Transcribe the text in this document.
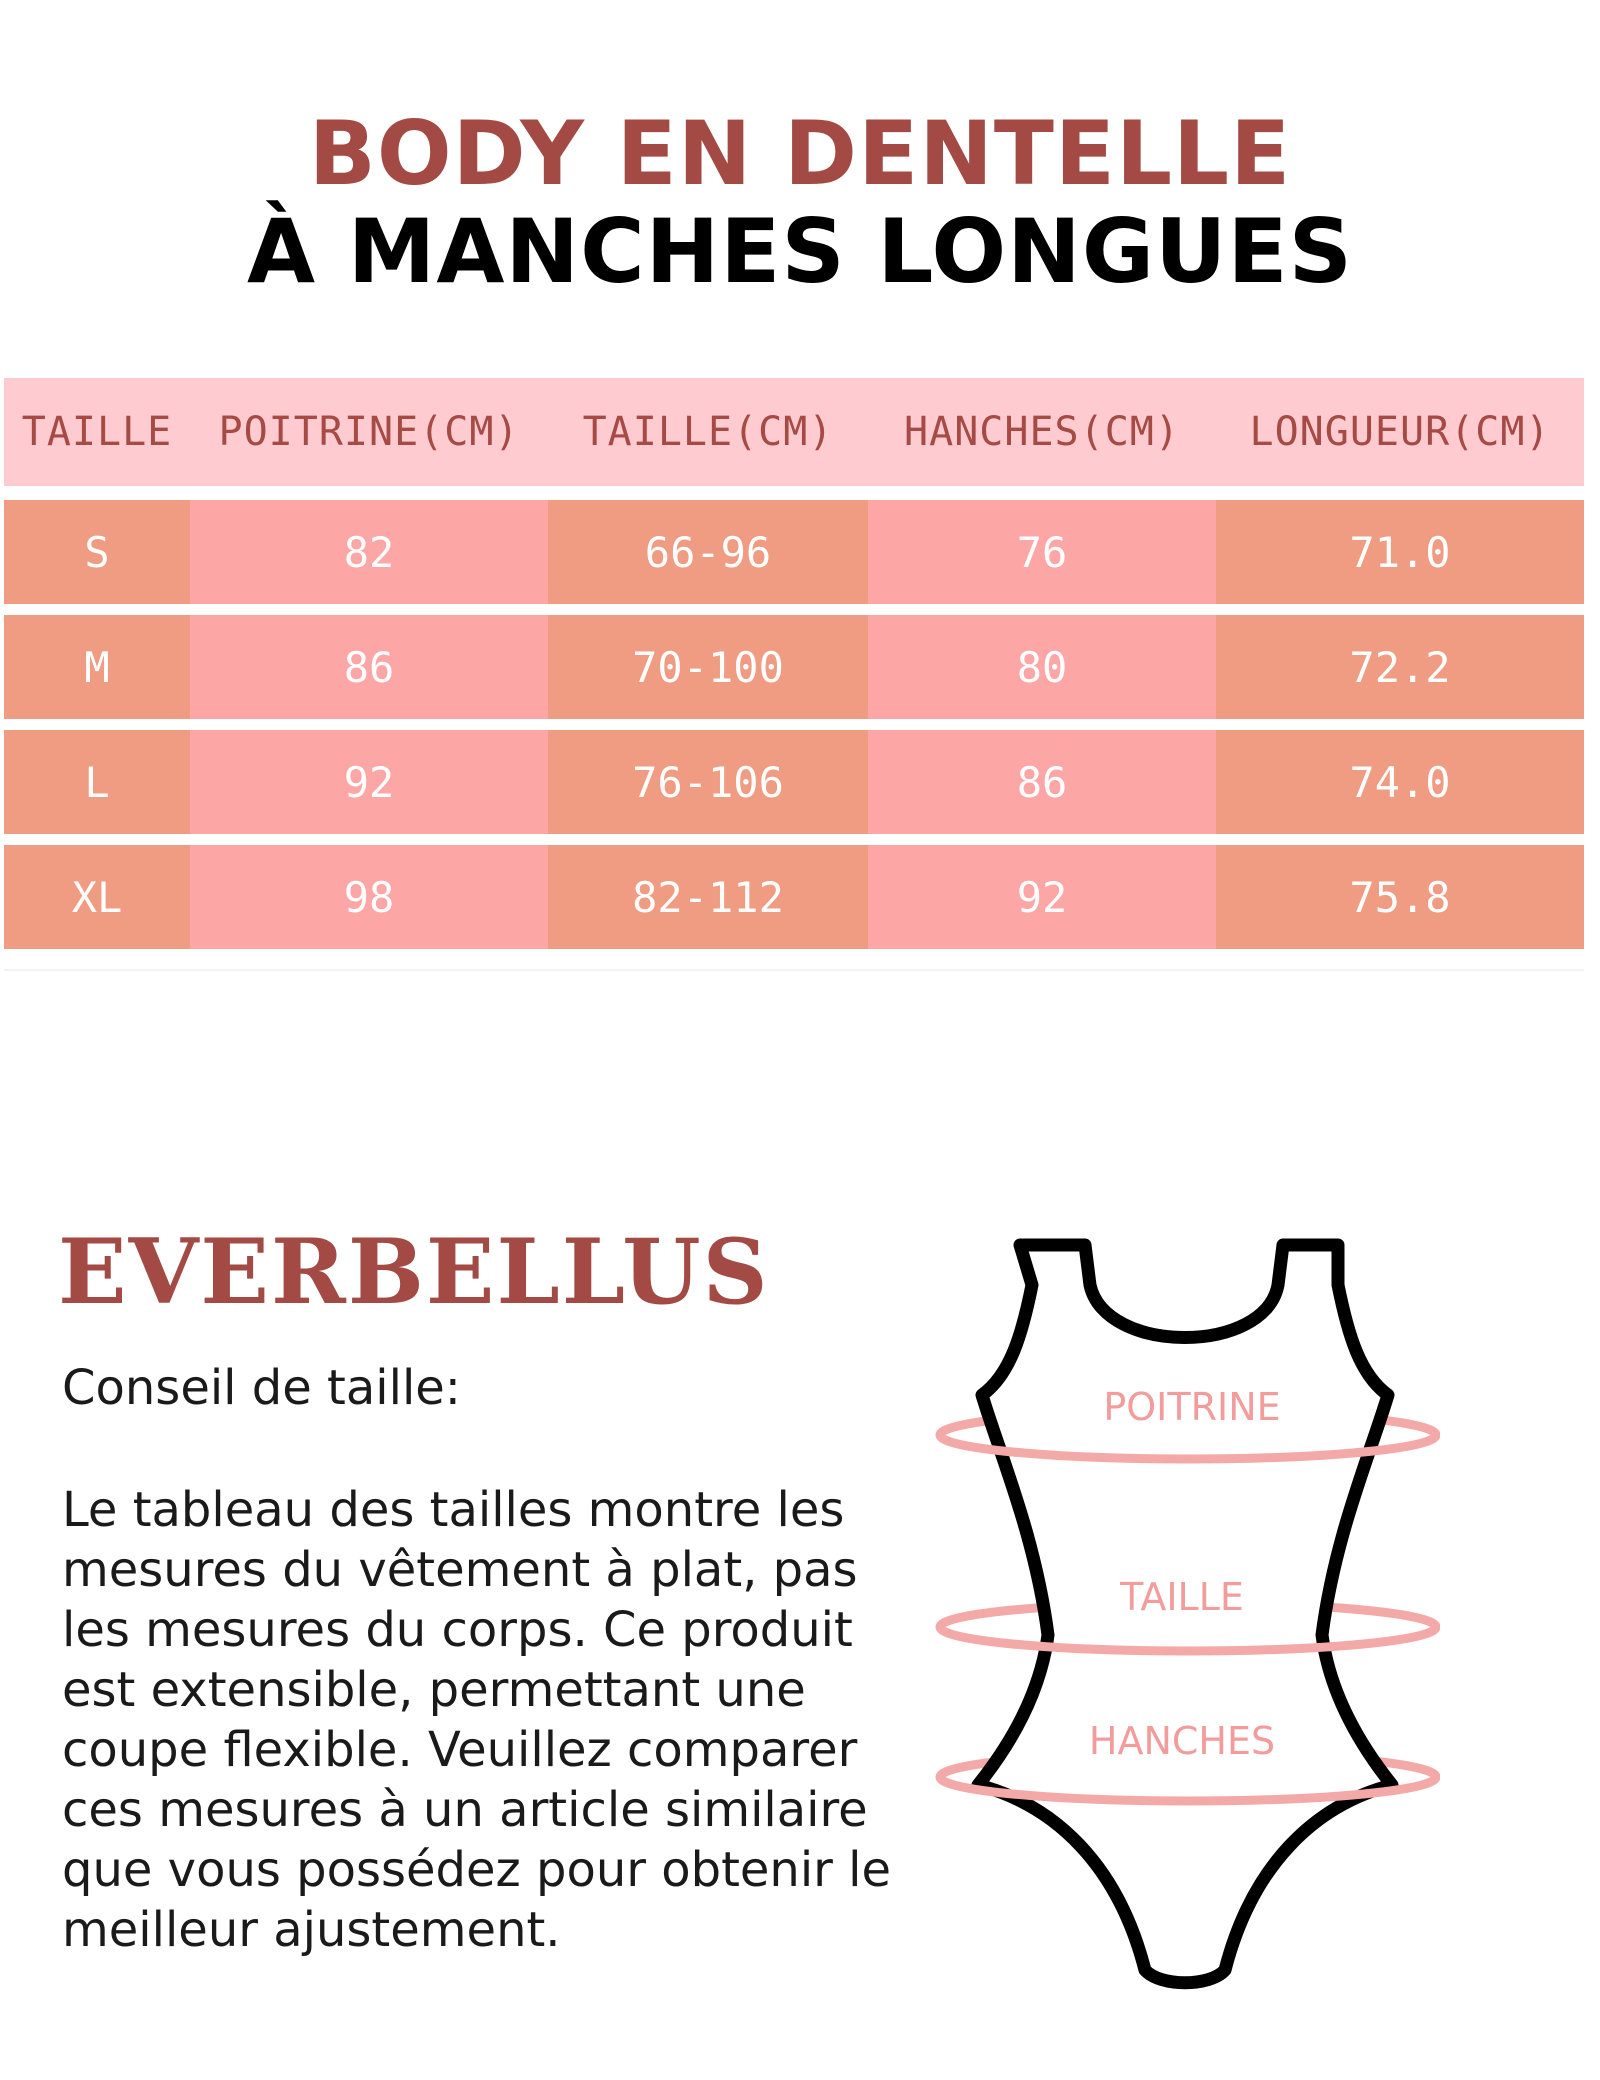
BODY EN DENTELLE
À MANCHES LONGUES
TAILLE	POITRINE(CM)	TAILLE(CM)	HANCHES(CM)	LONGUEUR(CM)
S	82	66-96	76	71.0
M	86	70-100	80	72.2
L	92	76-106	86	74.0
XL	98	82-112	92	75.8
EVERBELLUS
Conseil de taille:
Le tableau des tailles montre les mesures du vêtement à plat, pas les mesures du corps. Ce produit est extensible, permettant une coupe flexible. Veuillez comparer ces mesures à un article similaire que vous possédez pour obtenir le meilleur ajustement.
POITRINE
TAILLE
HANCHES
